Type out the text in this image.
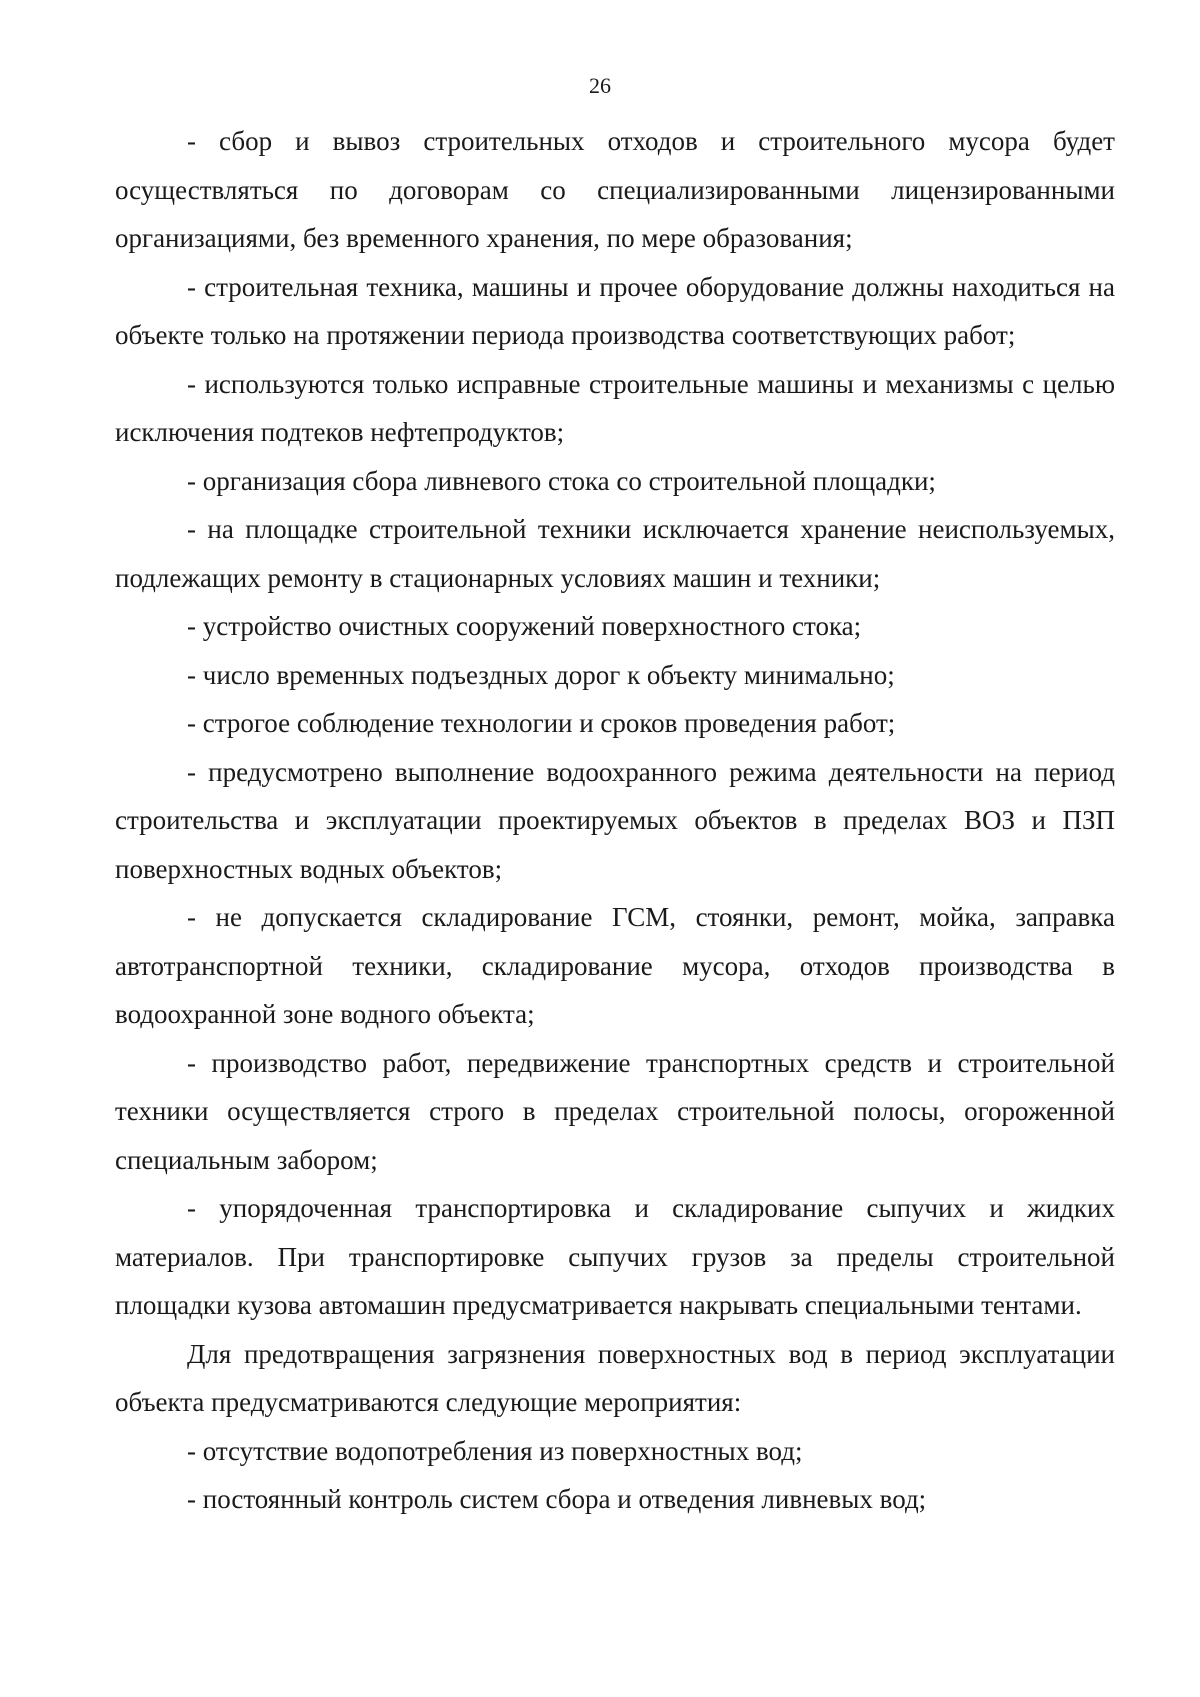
26

- сбор и вывоз строительных отходов и строительного мусора будет осуществляться по договорам со специализированными лицензированными организациями, без временного хранения, по мере образования;

- строительная техника, машины и прочее оборудование должны находиться на объекте только на протяжении периода производства соответствующих работ;

- используются только исправные строительные машины и механизмы с целью исключения подтеков нефтепродуктов;

- организация сбора ливневого стока со строительной площадки;

- на площадке строительной техники исключается хранение неиспользуемых, подлежащих ремонту в стационарных условиях машин и техники;

- устройство очистных сооружений поверхностного стока;

- число временных подъездных дорог к объекту минимально;

- строгое соблюдение технологии и сроков проведения работ;

- предусмотрено выполнение водоохранного режима деятельности на период строительства и эксплуатации проектируемых объектов в пределах ВОЗ и ПЗП поверхностных водных объектов;

- не допускается складирование ГСМ, стоянки, ремонт, мойка, заправка автотранспортной техники, складирование мусора, отходов производства в водоохранной зоне водного объекта;

- производство работ, передвижение транспортных средств и строительной техники осуществляется строго в пределах строительной полосы, огороженной специальным забором;

- упорядоченная транспортировка и складирование сыпучих и жидких материалов. При транспортировке сыпучих грузов за пределы строительной площадки кузова автомашин предусматривается накрывать специальными тентами.

Для предотвращения загрязнения поверхностных вод в период эксплуатации объекта предусматриваются следующие мероприятия:

- отсутствие водопотребления из поверхностных вод;

- постоянный контроль систем сбора и отведения ливневых вод;
